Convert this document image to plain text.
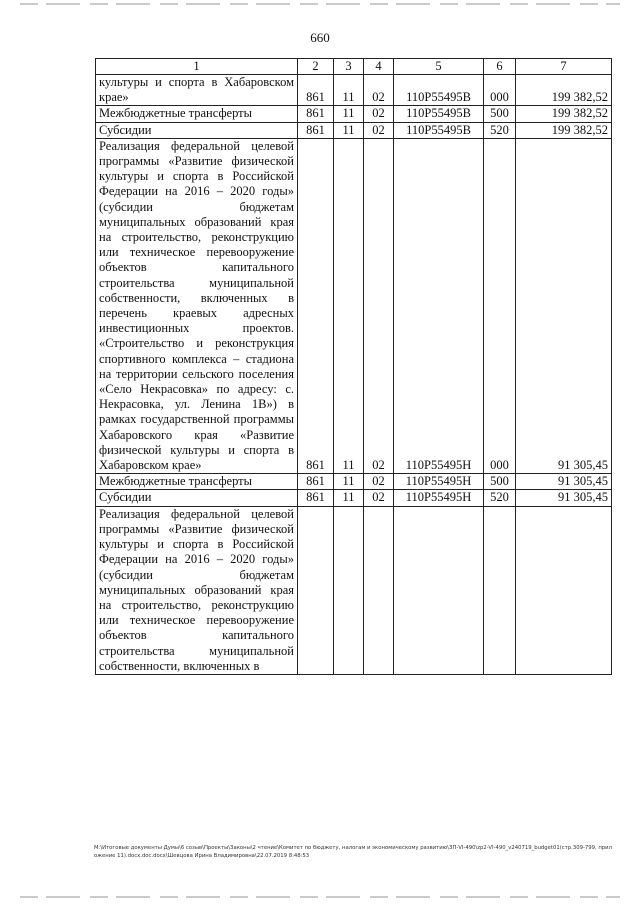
660
1	2	3	4	5	6	7
культуры и спорта в Хабаровском крае»	861	11	02	110P55495B	000	199 382,52
Межбюджетные трансферты	861	11	02	110P55495B	500	199 382,52
Субсидии	861	11	02	110P55495B	520	199 382,52
Реализация федеральной целевой программы «Развитие физической культуры и спорта в Российской Федерации на 2016 – 2020 годы» (субсидии бюджетам муниципальных образований края на строительство, реконструкцию или техническое перевооружение объектов капитального строительства муниципальной собственности, включенных в перечень краевых адресных инвестиционных проектов. «Строительство и реконструкция спортивного комплекса – стадиона на территории сельского поселения «Село Некрасовка» по адресу: с. Некрасовка, ул. Ленина 1В») в рамках государственной программы Хабаровского края «Развитие физической культуры и спорта в Хабаровском крае»	861	11	02	110P55495H	000	91 305,45
Межбюджетные трансферты	861	11	02	110P55495H	500	91 305,45
Субсидии	861	11	02	110P55495H	520	91 305,45
Реализация федеральной целевой программы «Развитие физической культуры и спорта в Российской Федерации на 2016 – 2020 годы» (субсидии бюджетам муниципальных образований края на строительство, реконструкцию или техническое перевооружение объектов капитального строительства муниципальной собственности, включенных в						
M:\Итоговые документы Думы\6 созыв\Проекты\Законы\2 чтение\Комитет по бюджету, налогам и экономическому развитию\ЗП-VI-490\zp2-VI-490_v240719_budget01(стр.309-799, приложение 11).docx.doc.docx\Шевцова Ирина Владимировна\22.07.2019 8:48:53
